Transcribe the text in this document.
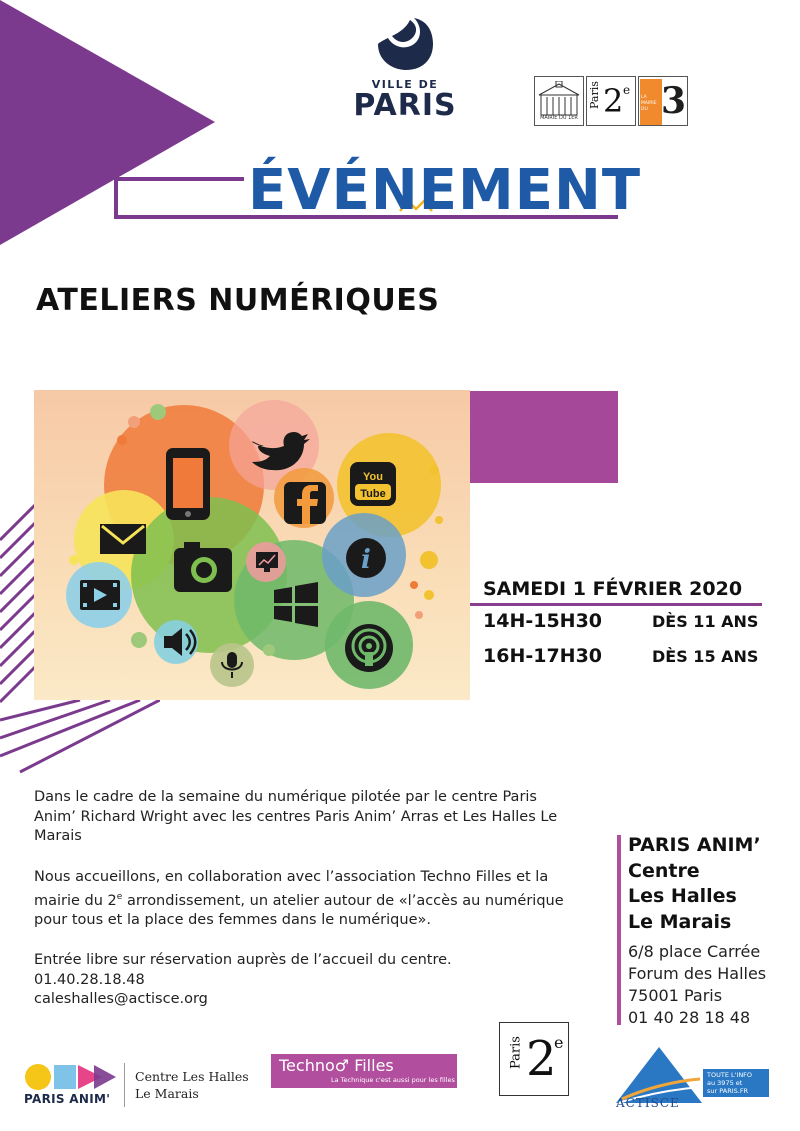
VILLE DE
PARIS	MAIRIE DU 1ER
Paris 2 e
LA MAIRIE DU 3
ÉVÉNEMENT
ATELIERS NUMÉRIQUES
You
Tube
i
SAMEDI 1 FÉVRIER 2020
14H-15H30	DÈS 11 ANS
16H-17H30	DÈS 15 ANS
Dans le cadre de la semaine du numérique pilotée par le centre Paris Anim’ Richard Wright avec les centres Paris Anim’ Arras et Les Halles Le Marais
Nous accueillons, en collaboration avec l’association Techno Filles et la mairie du 2e arrondissement, un atelier autour de «l’accès au numérique pour tous et la place des femmes dans le numérique».
Entrée libre sur réservation auprès de l’accueil du centre.
01.40.28.18.48
caleshalles@actisce.org
PARIS ANIM’
Centre
Les Halles
Le Marais
6/8 place Carrée
Forum des Halles
75001 Paris
01 40 28 18 48
PARIS ANIM'
Centre Les Halles
Le Marais
Techno♂ Filles
La Technique c'est aussi pour les filles
Paris 2
e
ACTISCE
TOUTE L'INFO
au 3975 et
sur PARIS.FR
